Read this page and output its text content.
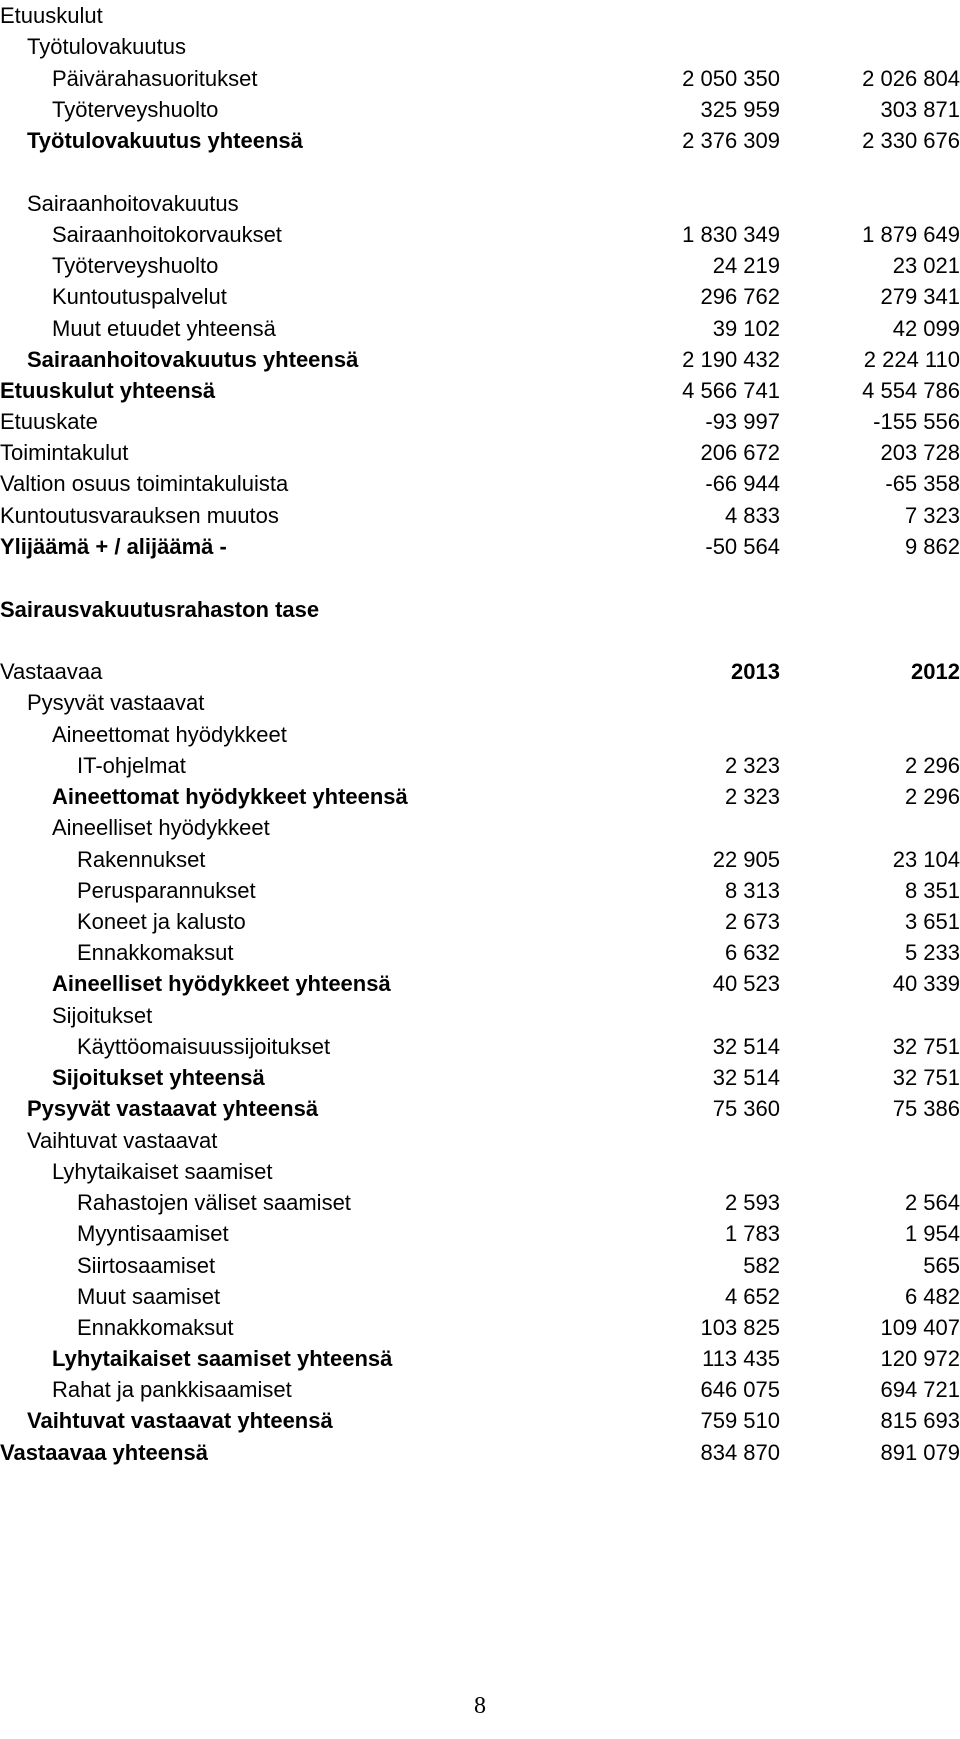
Etuuskulut
Työtulovakuutus
Päivärahasuoritukset	2 050 350	2 026 804
Työterveyshuolto	325 959	303 871
Työtulovakuutus yhteensä	2 376 309	2 330 676
Sairaanhoitovakuutus
Sairaanhoitokorvaukset	1 830 349	1 879 649
Työterveyshuolto	24 219	23 021
Kuntoutuspalvelut	296 762	279 341
Muut etuudet yhteensä	39 102	42 099
Sairaanhoitovakuutus yhteensä	2 190 432	2 224 110
Etuuskulut yhteensä	4 566 741	4 554 786
Etuuskate	-93 997	-155 556
Toimintakulut	206 672	203 728
Valtion osuus toimintakuluista	-66 944	-65 358
Kuntoutusvarauksen muutos	4 833	7 323
Ylijäämä + / alijäämä -	-50 564	9 862
Sairausvakuutusrahaston tase
Vastaavaa	2013	2012
Pysyvät vastaavat
Aineettomat hyödykkeet
IT-ohjelmat	2 323	2 296
Aineettomat hyödykkeet yhteensä	2 323	2 296
Aineelliset hyödykkeet
Rakennukset	22 905	23 104
Perusparannukset	8 313	8 351
Koneet ja kalusto	2 673	3 651
Ennakkomaksut	6 632	5 233
Aineelliset hyödykkeet yhteensä	40 523	40 339
Sijoitukset
Käyttöomaisuussijoitukset	32 514	32 751
Sijoitukset yhteensä	32 514	32 751
Pysyvät vastaavat yhteensä	75 360	75 386
Vaihtuvat vastaavat
Lyhytaikaiset saamiset
Rahastojen väliset saamiset	2 593	2 564
Myyntisaamiset	1 783	1 954
Siirtosaamiset	582	565
Muut saamiset	4 652	6 482
Ennakkomaksut	103 825	109 407
Lyhytaikaiset saamiset yhteensä	113 435	120 972
Rahat ja pankkisaamiset	646 075	694 721
Vaihtuvat vastaavat yhteensä	759 510	815 693
Vastaavaa yhteensä	834 870	891 079
8
